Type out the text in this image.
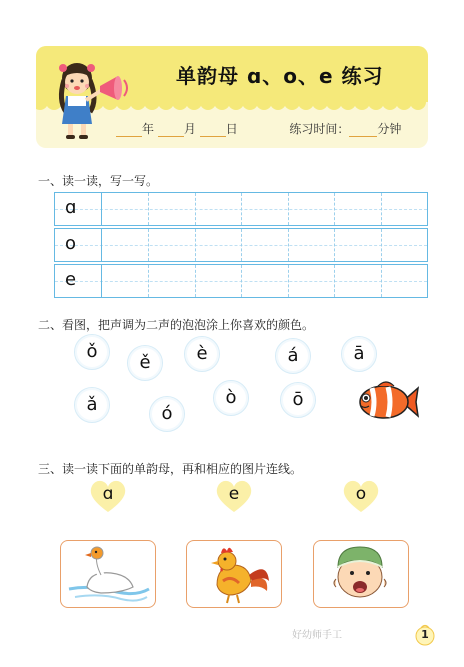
单韵母 ɑ、o、e 练习
年 月 日	练习时间： 分钟
一、读一读，写一写。
ɑ
o
e
二、看图，把声调为二声的泡泡涂上你喜欢的颜色。
ǒ
ě	è	á	ā
ǎ	ó
ò	ō
三、读一读下面的单韵母，再和相应的图片连线。
ɑ	e	o
好幼师手工	1
